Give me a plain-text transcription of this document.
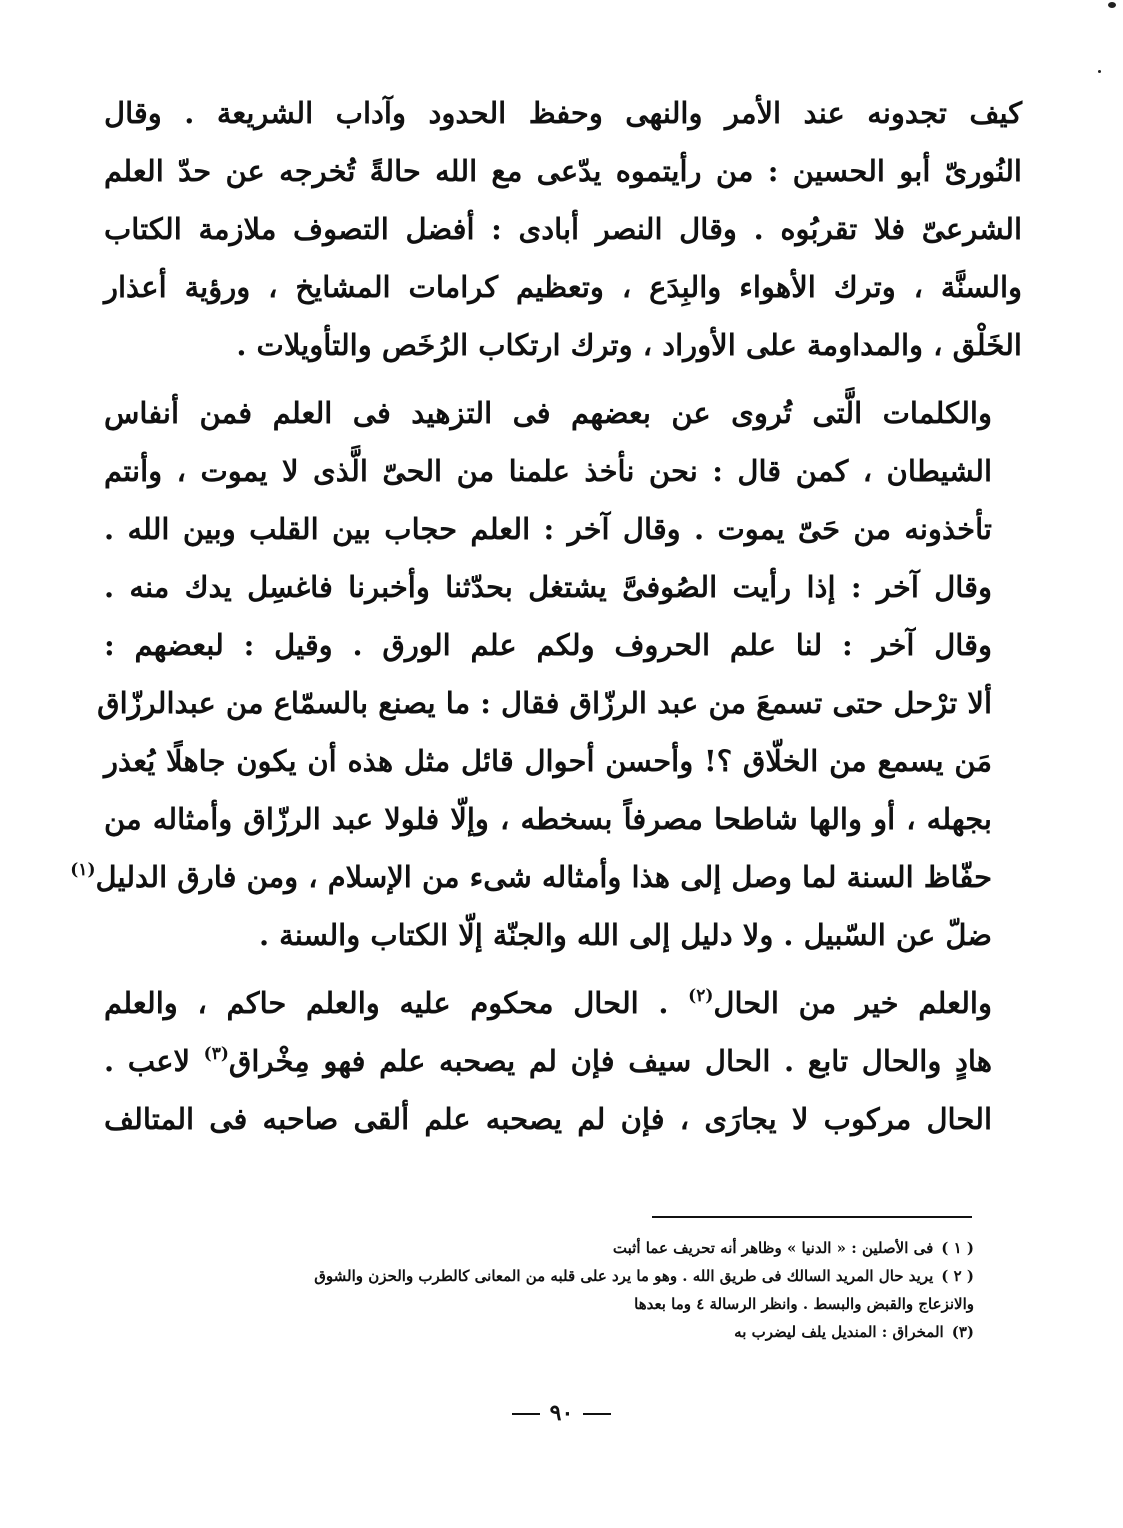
كيف تجدونه عند الأمر والنهى وحفظ الحدود وآداب الشريعة . وقال
النُورىّ أبو الحسين : من رأيتموه يدّعى مع الله حالةً تُخرجه عن حدّ العلم
الشرعىّ فلا تقربُوه . وقال النصر أبادى : أفضل التصوف ملازمة الكتاب
والسنَّة ، وترك الأهواء والبِدَع ، وتعظيم كرامات المشايخ ، ورؤية أعذار
الخَلْق ، والمداومة على الأوراد ، وترك ارتكاب الرُخَص والتأويلات .

والكلمات الَّتى تُروى عن بعضهم فى التزهيد فى العلم فمن أنفاس
الشيطان ، كمن قال : نحن نأخذ علمنا من الحىّ الَّذى لا يموت ، وأنتم
تأخذونه من حَىّ يموت . وقال آخر : العلم حجاب بين القلب وبين الله .
وقال آخر : إذا رأيت الصُوفىَّ يشتغل بحدّثنا وأخبرنا فاغسِل يدك منه .
وقال آخر : لنا علم الحروف ولكم علم الورق . وقيل : لبعضهم :
ألا ترْحل حتى تسمعَ من عبد الرزّاق فقال : ما يصنع بالسمّاع من عبدالرزّاق
مَن يسمع من الخلّاق ؟! وأحسن أحوال قائل مثل هذه أن يكون جاهلًا يُعذر
بجهله ، أو والها شاطحا مصرفاً بسخطه ، وإلّا فلولا عبد الرزّاق وأمثاله من
حفّاظ السنة لما وصل إلى هذا وأمثاله شىء من الإسلام ، ومن فارق الدليل$^{(١)}$
ضلّ عن السّبيل . ولا دليل إلى الله والجنّة إلّا الكتاب والسنة .

والعلم خير من الحال$^{(٢)}$ . الحال محكوم عليه والعلم حاكم ، والعلم
هادٍ والحال تابع . الحال سيف فإن لم يصحبه علم فهو مِخْراق$^{(٣)}$ لاعب .
الحال مركوب لا يجارَى ، فإن لم يصحبه علم ألقى صاحبه فى المتالف

( ١ )فى الأصلين : « الدنيا » وظاهر أنه تحريف عما أثبت
( ٢ )يريد حال المريد السالك فى طريق الله . وهو ما يرد على قلبه من المعانى كالطرب والحزن والشوق
والانزعاج والقبض والبسط . وانظر الرسالة ٤ وما بعدها
(٣)المخراق : المنديل يلف ليضرب به
٩٠
